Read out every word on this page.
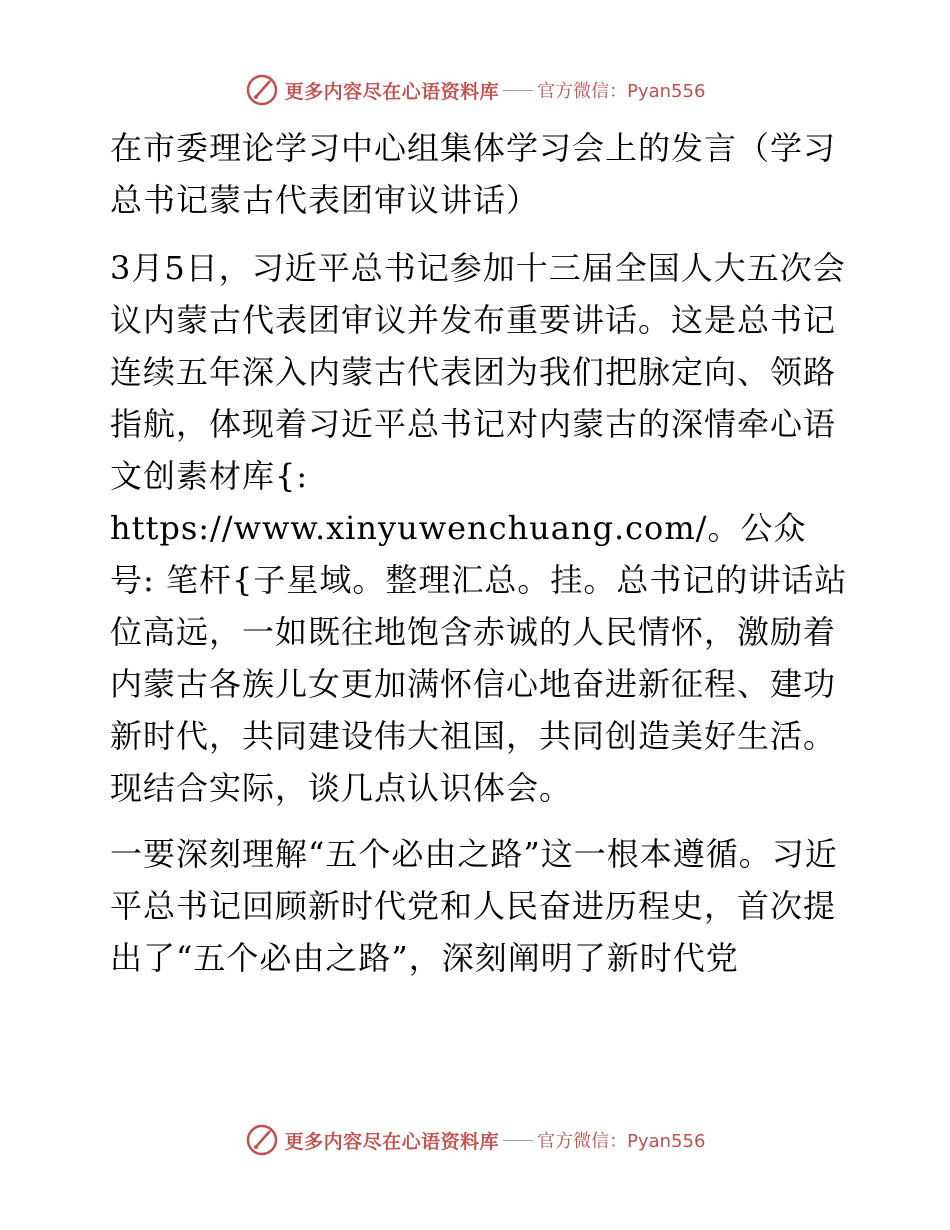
更多内容尽在心语资料库 官方微信：Pyan556

在市委理论学习中心组集体学习会上的发言（学习总书记蒙古代表团审议讲话）

3月5日，习近平总书记参加十三届全国人大五次会议内蒙古代表团审议并发布重要讲话。这是总书记连续五年深入内蒙古代表团为我们把脉定向、领路指航，体现着习近平总书记对内蒙古的深情牵心语文创素材库{: https://www.xinyuwenchuang.com/。公众号: 笔杆{子星域。整理汇总。挂。总书记的讲话站位高远，一如既往地饱含赤诚的人民情怀，激励着内蒙古各族儿女更加满怀信心地奋进新征程、建功新时代，共同建设伟大祖国，共同创造美好生活。现结合实际，谈几点认识体会。

一要深刻理解“五个必由之路”这一根本遵循。习近平总书记回顾新时代党和人民奋进历程史，首次提出了“五个必由之路”，深刻阐明了新时代党

更多内容尽在心语资料库 官方微信：Pyan556
